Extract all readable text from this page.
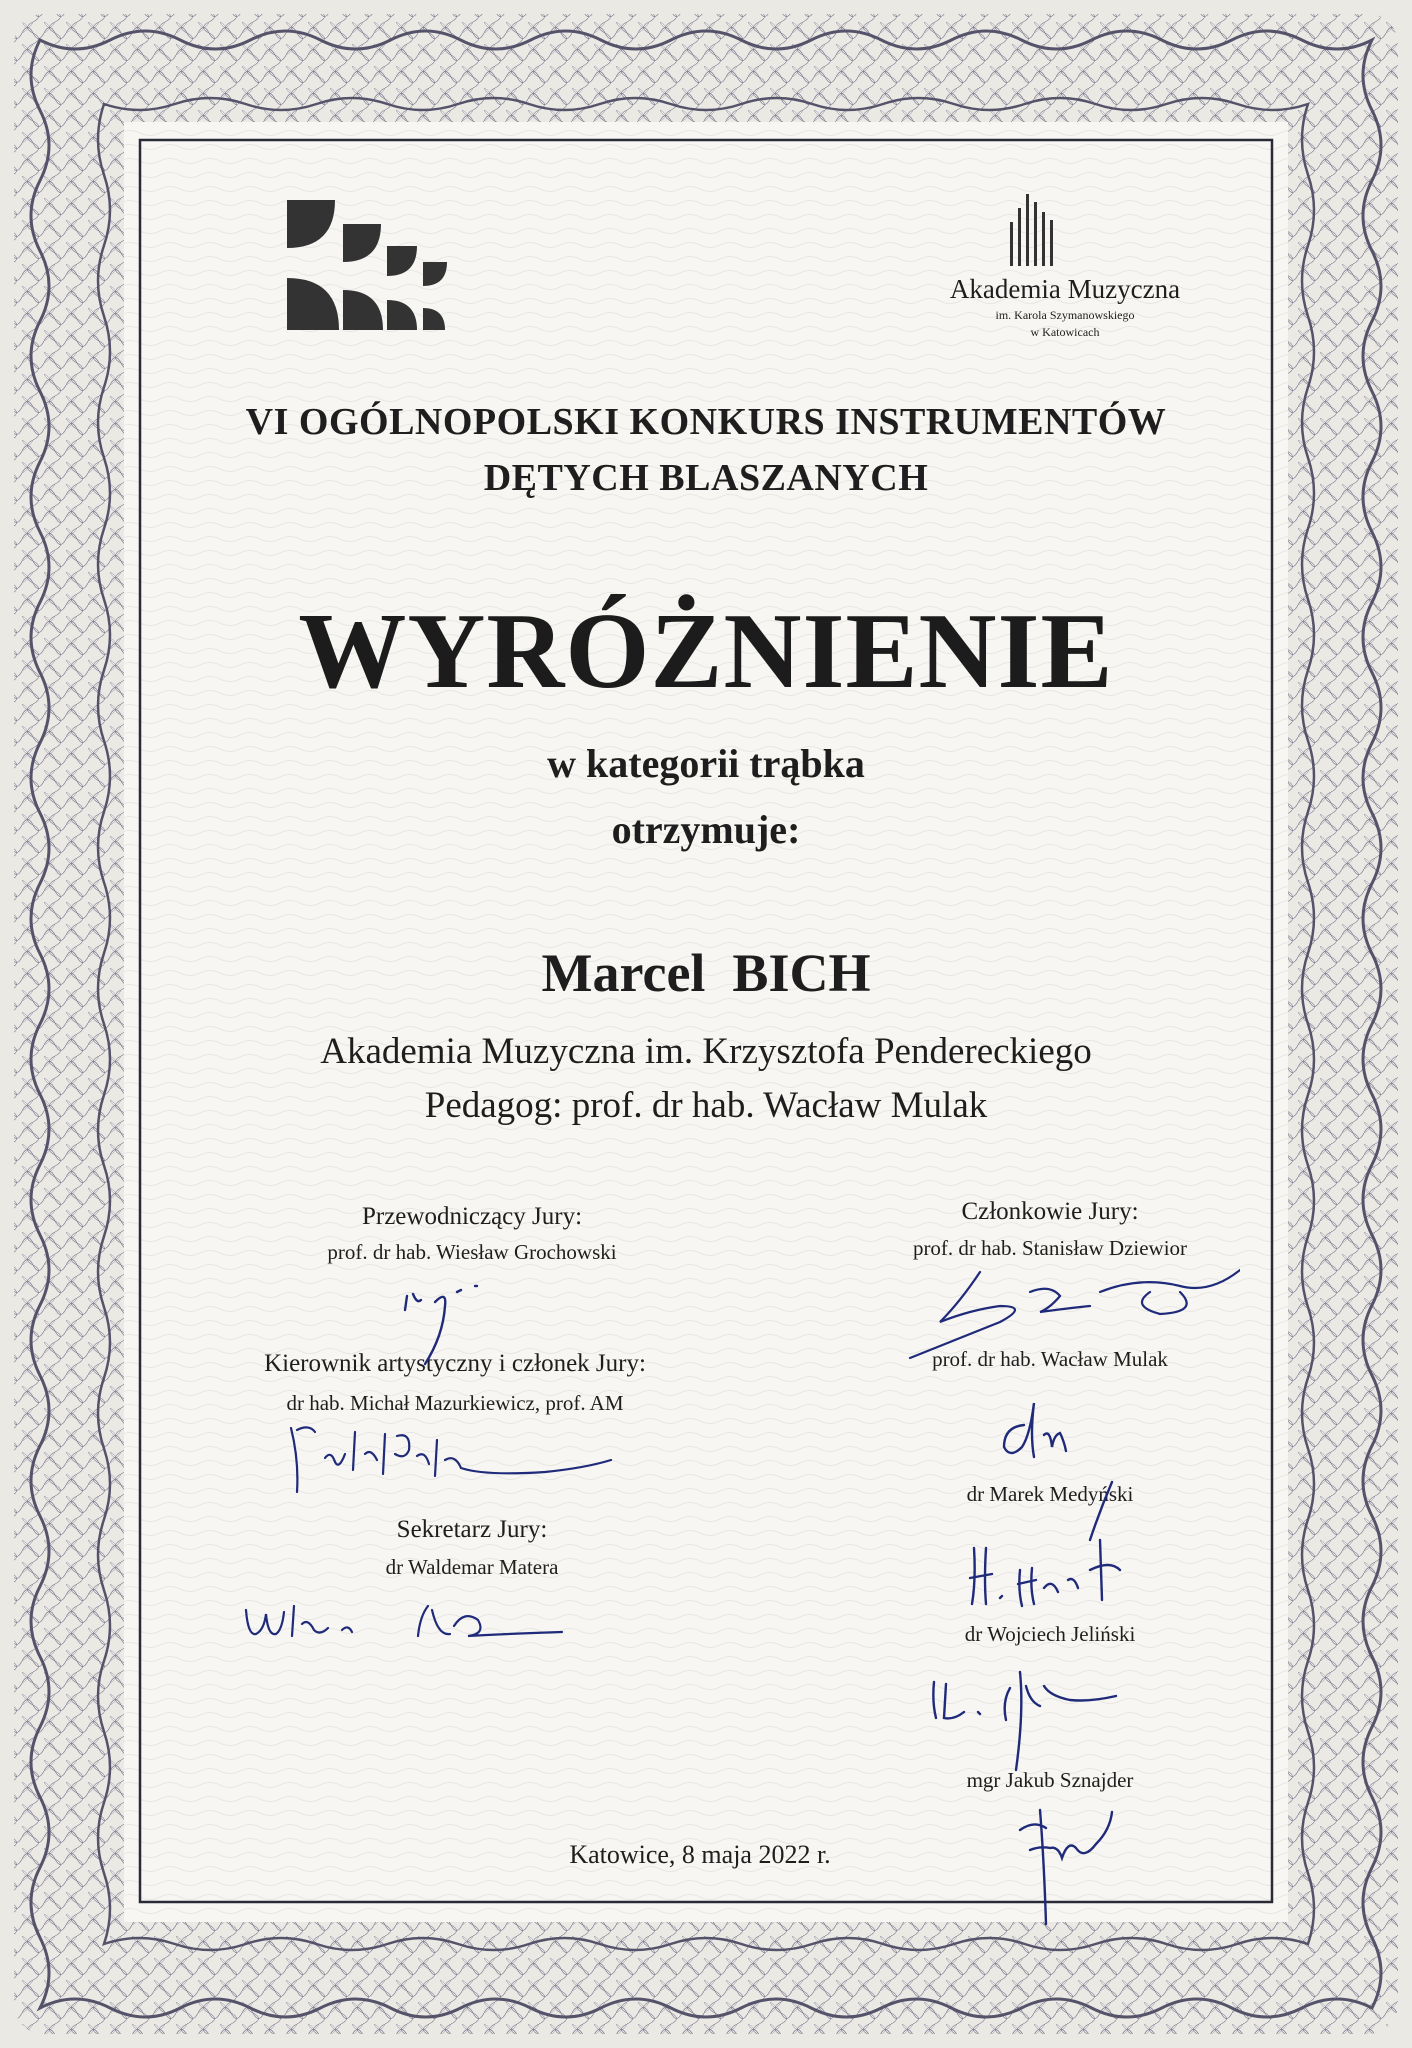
Akademia Muzyczna
im. Karola Szymanowskiego
w Katowicach
VI OGÓLNOPOLSKI KONKURS INSTRUMENTÓW
DĘTYCH BLASZANYCH
WYRÓŻNIENIE
w kategorii trąbka
otrzymuje:
Marcel  BICH
Akademia Muzyczna im. Krzysztofa Pendereckiego
Pedagog: prof. dr hab. Wacław Mulak
Przewodniczący Jury:
prof. dr hab. Wiesław Grochowski
Kierownik artystyczny i członek Jury:
dr hab. Michał Mazurkiewicz, prof. AM
Sekretarz Jury:
dr Waldemar Matera
Członkowie Jury:
prof. dr hab. Stanisław Dziewior
prof. dr hab. Wacław Mulak
dr Marek Medyński
dr Wojciech Jeliński
mgr Jakub Sznajder
Katowice, 8 maja 2022 r.
